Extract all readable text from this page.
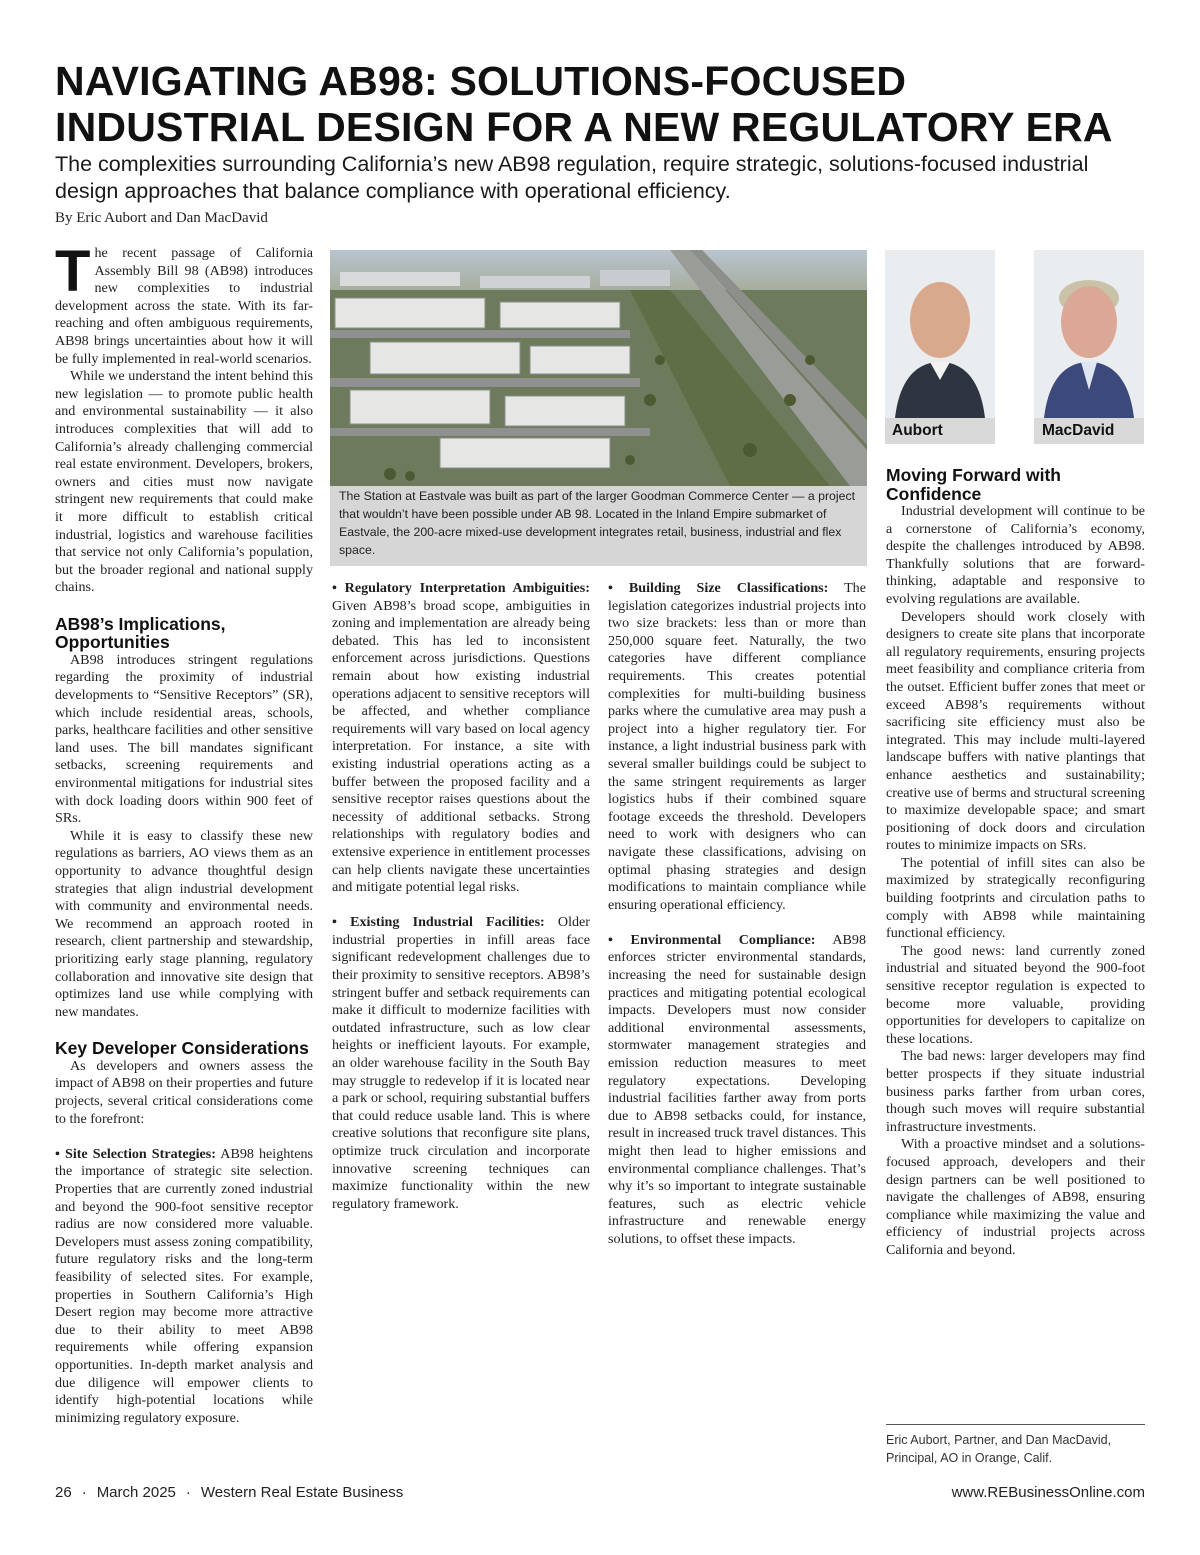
NAVIGATING AB98: SOLUTIONS-FOCUSED
INDUSTRIAL DESIGN FOR A NEW REGULATORY ERA
The complexities surrounding California’s new AB98 regulation, require strategic, solutions-focused industrial design approaches that balance compliance with operational efficiency.
By Eric Aubort and Dan MacDavid

The recent passage of California Assembly Bill 98 (AB98) introduces new complexities to industrial development across the state. With its far-reaching and often ambiguous requirements, AB98 brings uncertainties about how it will be fully implemented in real-world scenarios.

While we understand the intent behind this new legislation — to promote public health and environmental sustainability — it also introduces complexities that will add to California’s already challenging commercial real estate environment. Developers, brokers, owners and cities must now navigate stringent new requirements that could make it more difficult to establish critical industrial, logistics and warehouse facilities that service not only California’s population, but the broader regional and national supply chains.

AB98’s Implications, Opportunities

AB98 introduces stringent regulations regarding the proximity of industrial developments to “Sensitive Receptors” (SR), which include residential areas, schools, parks, healthcare facilities and other sensitive land uses. The bill mandates significant setbacks, screening requirements and environmental mitigations for industrial sites with dock loading doors within 900 feet of SRs.

While it is easy to classify these new regulations as barriers, AO views them as an opportunity to advance thoughtful design strategies that align industrial development with community and environmental needs. We recommend an approach rooted in research, client partnership and stewardship, prioritizing early stage planning, regulatory collaboration and innovative site design that optimizes land use while complying with new mandates.

Key Developer Considerations

As developers and owners assess the impact of AB98 on their properties and future projects, several critical considerations come to the forefront:

• Site Selection Strategies: AB98 heightens the importance of strategic site selection. Properties that are currently zoned industrial and beyond the 900-foot sensitive receptor radius are now considered more valuable. Developers must assess zoning compatibility, future regulatory risks and the long-term feasibility of selected sites. For example, properties in Southern California’s High Desert region may become more attractive due to their ability to meet AB98 requirements while offering expansion opportunities. In-depth market analysis and due diligence will empower clients to identify high-potential locations while minimizing regulatory exposure.

The Station at Eastvale was built as part of the larger Goodman Commerce Center — a project that wouldn’t have been possible under AB 98. Located in the Inland Empire submarket of Eastvale, the 200-acre mixed-use development integrates retail, business, industrial and flex space.
Aubort	MacDavid

• Regulatory Interpretation Ambiguities: Given AB98’s broad scope, ambiguities in zoning and implementation are already being debated. This has led to inconsistent enforcement across jurisdictions. Questions remain about how existing industrial operations adjacent to sensitive receptors will be affected, and whether compliance requirements will vary based on local agency interpretation. For instance, a site with existing industrial operations acting as a buffer between the proposed facility and a sensitive receptor raises questions about the necessity of additional setbacks. Strong relationships with regulatory bodies and extensive experience in entitlement processes can help clients navigate these uncertainties and mitigate potential legal risks.

• Existing Industrial Facilities: Older industrial properties in infill areas face significant redevelopment challenges due to their proximity to sensitive receptors. AB98’s stringent buffer and setback requirements can make it difficult to modernize facilities with outdated infrastructure, such as low clear heights or inefficient layouts. For example, an older warehouse facility in the South Bay may struggle to redevelop if it is located near a park or school, requiring substantial buffers that could reduce usable land. This is where creative solutions that reconfigure site plans, optimize truck circulation and incorporate innovative screening techniques can maximize functionality within the new regulatory framework.

• Building Size Classifications: The legislation categorizes industrial projects into two size brackets: less than or more than 250,000 square feet. Naturally, the two categories have different compliance requirements. This creates potential complexities for multi-building business parks where the cumulative area may push a project into a higher regulatory tier. For instance, a light industrial business park with several smaller buildings could be subject to the same stringent requirements as larger logistics hubs if their combined square footage exceeds the threshold. Developers need to work with designers who can navigate these classifications, advising on optimal phasing strategies and design modifications to maintain compliance while ensuring operational efficiency.

• Environmental Compliance: AB98 enforces stricter environmental standards, increasing the need for sustainable design practices and mitigating potential ecological impacts. Developers must now consider additional environmental assessments, stormwater management strategies and emission reduction measures to meet regulatory expectations. Developing industrial facilities farther away from ports due to AB98 setbacks could, for instance, result in increased truck travel distances. This might then lead to higher emissions and environmental compliance challenges. That’s why it’s so important to integrate sustainable features, such as electric vehicle infrastructure and renewable energy solutions, to offset these impacts.

Moving Forward with Confidence

Industrial development will continue to be a cornerstone of California’s economy, despite the challenges introduced by AB98. Thankfully solutions that are forward-thinking, adaptable and responsive to evolving regulations are available.

Developers should work closely with designers to create site plans that incorporate all regulatory requirements, ensuring projects meet feasibility and compliance criteria from the outset. Efficient buffer zones that meet or exceed AB98’s requirements without sacrificing site efficiency must also be integrated. This may include multi-layered landscape buffers with native plantings that enhance aesthetics and sustainability; creative use of berms and structural screening to maximize developable space; and smart positioning of dock doors and circulation routes to minimize impacts on SRs.

The potential of infill sites can also be maximized by strategically reconfiguring building footprints and circulation paths to comply with AB98 while maintaining functional efficiency.

The good news: land currently zoned industrial and situated beyond the 900-foot sensitive receptor regulation is expected to become more valuable, providing opportunities for developers to capitalize on these locations.

The bad news: larger developers may find better prospects if they situate industrial business parks farther from urban cores, though such moves will require substantial infrastructure investments.

With a proactive mindset and a solutions-focused approach, developers and their design partners can be well positioned to navigate the challenges of AB98, ensuring compliance while maximizing the value and efficiency of industrial projects across California and beyond.

Eric Aubort, Partner, and Dan MacDavid, Principal, AO in Orange, Calif.
26 · March 2025 · Western Real Estate Business	www.REBusinessOnline.com
